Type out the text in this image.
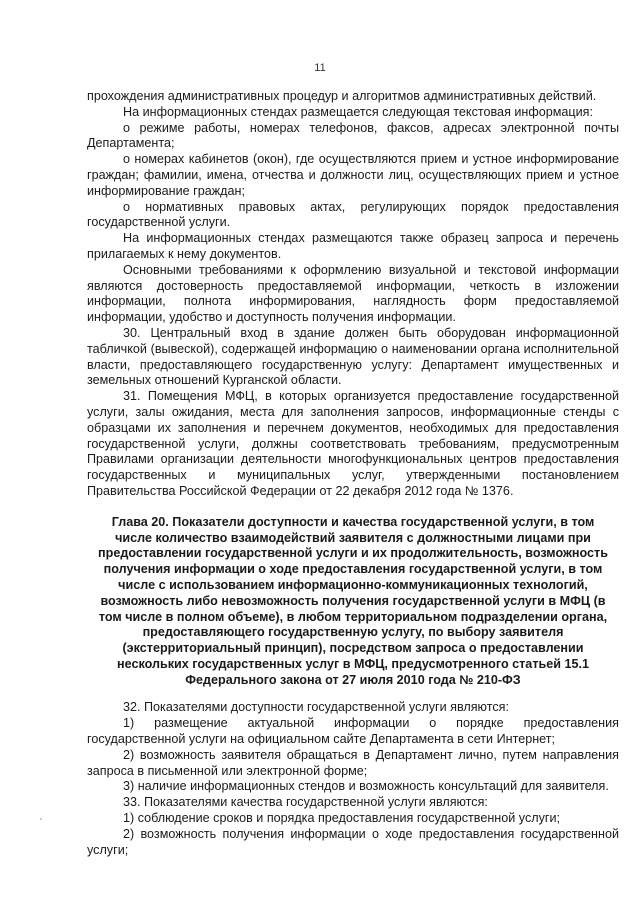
11

прохождения административных процедур и алгоритмов административных действий.

На информационных стендах размещается следующая текстовая информация:

о режиме работы, номерах телефонов, факсов, адресах электронной почты Департамента;

о номерах кабинетов (окон), где осуществляются прием и устное информирование граждан; фамилии, имена, отчества и должности лиц, осуществляющих прием и устное информирование граждан;

о нормативных правовых актах, регулирующих порядок предоставления государственной услуги.

На информационных стендах размещаются также образец запроса и перечень прилагаемых к нему документов.

Основными требованиями к оформлению визуальной и текстовой информации являются достоверность предоставляемой информации, четкость в изложении информации, полнота информирования, наглядность форм предоставляемой информации, удобство и доступность получения информации.

30. Центральный вход в здание должен быть оборудован информационной табличкой (вывеской), содержащей информацию о наименовании органа исполнительной власти, предоставляющего государственную услугу: Департамент имущественных и земельных отношений Курганской области.

31. Помещения МФЦ, в которых организуется предоставление государственной услуги, залы ожидания, места для заполнения запросов, информационные стенды с образцами их заполнения и перечнем документов, необходимых для предоставления государственной услуги, должны соответствовать требованиям, предусмотренным Правилами организации деятельности многофункциональных центров предоставления государственных и муниципальных услуг, утвержденными постановлением Правительства Российской Федерации от 22 декабря 2012 года № 1376.

Глава 20. Показатели доступности и качества государственной услуги, в том числе количество взаимодействий заявителя с должностными лицами при предоставлении государственной услуги и их продолжительность, возможность получения информации о ходе предоставления государственной услуги, в том числе с использованием информационно-коммуникационных технологий, возможность либо невозможность получения государственной услуги в МФЦ (в том числе в полном объеме), в любом территориальном подразделении органа, предоставляющего государственную услугу, по выбору заявителя (экстерриториальный принцип), посредством запроса о предоставлении нескольких государственных услуг в МФЦ, предусмотренного статьей 15.1 Федерального закона от 27 июля 2010 года № 210-ФЗ

32. Показателями доступности государственной услуги являются:

1) размещение актуальной информации о порядке предоставления государственной услуги на официальном сайте Департамента в сети Интернет;

2) возможность заявителя обращаться в Департамент лично, путем направления запроса в письменной или электронной форме;

3) наличие информационных стендов и возможность консультаций для заявителя.

33. Показателями качества государственной услуги являются:

1) соблюдение сроков и порядка предоставления государственной услуги;

2) возможность получения информации о ходе предоставления государственной услуги;
